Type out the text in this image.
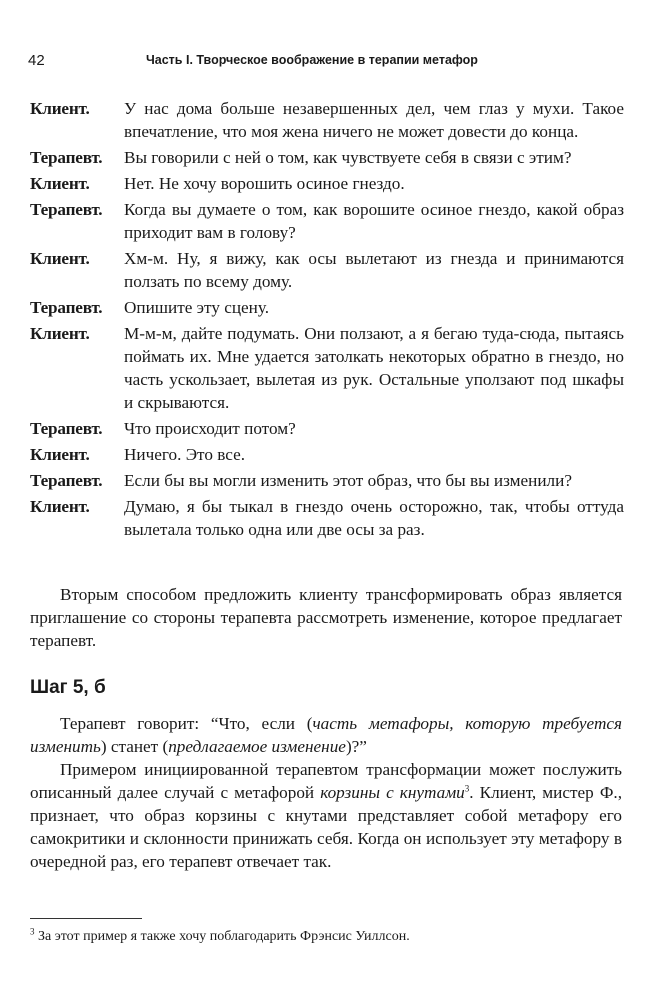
42	Часть I. Творческое воображение в терапии метафор
Клиент.	У нас дома больше незавершенных дел, чем глаз у мухи. Такое впечатление, что моя жена ничего не может довести до конца.
Терапевт.	Вы говорили с ней о том, как чувствуете себя в связи с этим?
Клиент.	Нет. Не хочу ворошить осиное гнездо.
Терапевт.	Когда вы думаете о том, как ворошите осиное гнездо, какой образ приходит вам в голову?
Клиент.	Хм-м. Ну, я вижу, как осы вылетают из гнезда и принимаются ползать по всему дому.
Терапевт.	Опишите эту сцену.
Клиент.	М-м-м, дайте подумать. Они ползают, а я бегаю туда-сюда, пытаясь поймать их. Мне удается затолкать некоторых обратно в гнездо, но часть ускользает, вылетая из рук. Остальные уползают под шкафы и скрываются.
Терапевт.	Что происходит потом?
Клиент.	Ничего. Это все.
Терапевт.	Если бы вы могли изменить этот образ, что бы вы изменили?
Клиент.	Думаю, я бы тыкал в гнездо очень осторожно, так, чтобы оттуда вылетала только одна или две осы за раз.

Вторым способом предложить клиенту трансформировать образ является приглашение со стороны терапевта рассмотреть изменение, которое предлагает терапевт.

Шаг 5, б

Терапевт говорит: “Что, если (часть метафоры, которую требуется изменить) станет (предлагаемое изменение)?”

Примером инициированной терапевтом трансформации может послужить описанный далее случай с метафорой корзины с кнутами$^3$. Клиент, мистер Ф., признает, что образ корзины с кнутами представляет собой метафору его самокритики и склонности принижать себя. Когда он использует эту метафору в очередной раз, его терапевт отвечает так.

$^3$ За этот пример я также хочу поблагодарить Фрэнсис Уиллсон.
